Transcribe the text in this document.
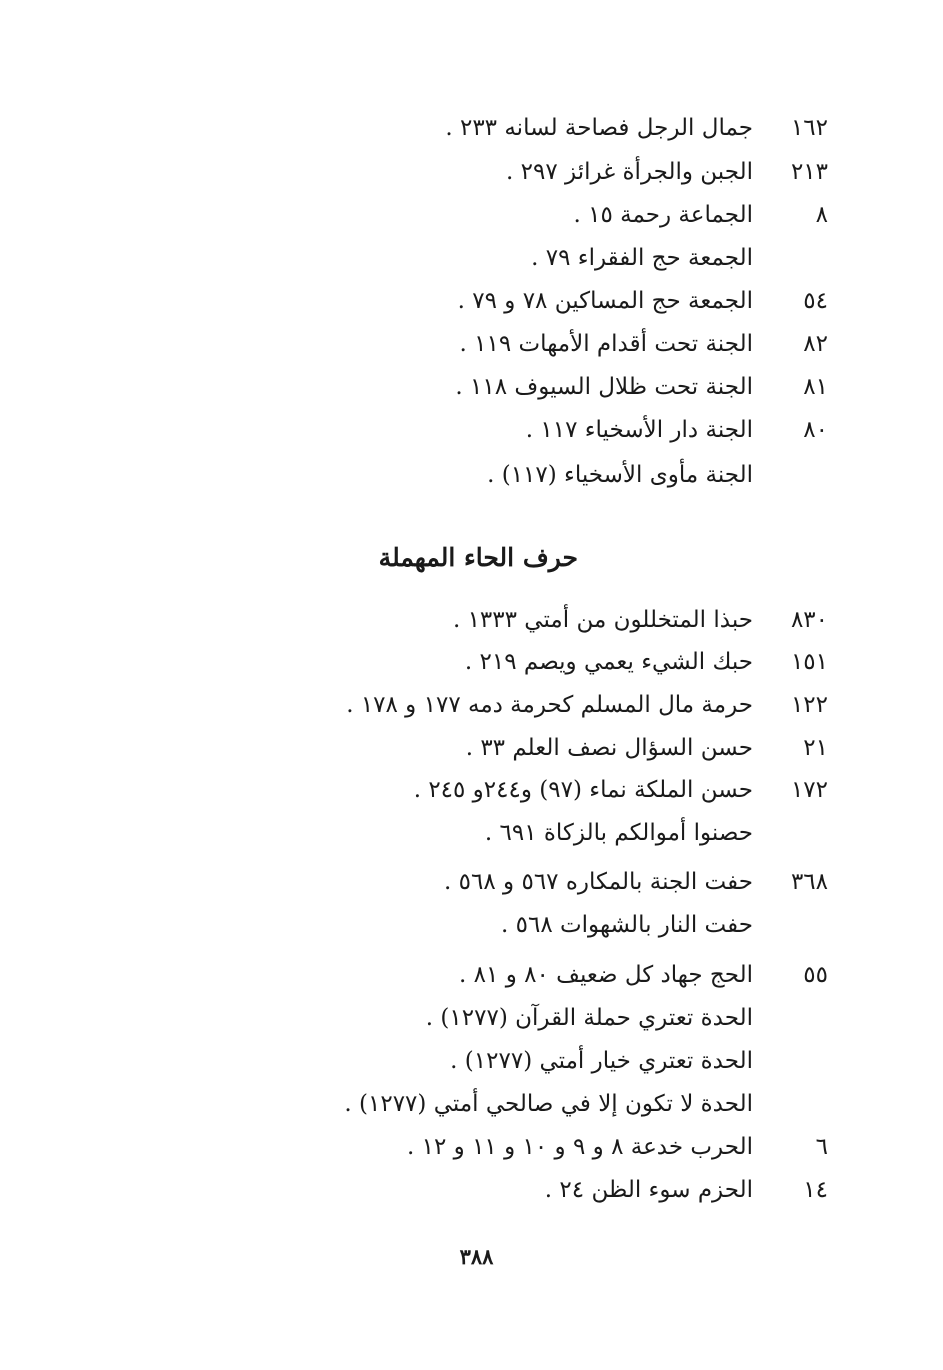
١٦٢
جمال الرجل فصاحة لسانه ٢٣٣ .
٢١٣
الجبن والجرأة غرائز ٢٩٧ .
٨
الجماعة رحمة ١٥ .
الجمعة حج الفقراء ٧٩ .
٥٤
الجمعة حج المساكين ٧٨ و ٧٩ .
٨٢
الجنة تحت أقدام الأمهات ١١٩ .
٨١
الجنة تحت ظلال السيوف ١١٨ .
٨٠
الجنة دار الأسخياء ١١٧ .
الجنة مأوى الأسخياء (١١٧) .
حرف الحاء المهملة
٨٣٠
حبذا المتخللون من أمتي ١٣٣٣ .
١٥١
حبك الشيء يعمي ويصم ٢١٩ .
١٢٢
حرمة مال المسلم كحرمة دمه ١٧٧ و ١٧٨ .
٢١
حسن السؤال نصف العلم ٣٣ .
١٧٢
حسن الملكة نماء (٩٧) و٢٤٤و ٢٤٥ .
حصنوا أموالكم بالزكاة ٦٩١ .
٣٦٨
حفت الجنة بالمكاره ٥٦٧ و ٥٦٨ .
حفت النار بالشهوات ٥٦٨ .
٥٥
الحج جهاد كل ضعيف ٨٠ و ٨١ .
الحدة تعتري حملة القرآن (١٢٧٧) .
الحدة تعتري خيار أمتي (١٢٧٧) .
الحدة لا تكون إلا في صالحي أمتي (١٢٧٧) .
٦
الحرب خدعة ٨ و ٩ و ١٠ و ١١ و ١٢ .
١٤
الحزم سوء الظن ٢٤ .
٣٨٨
